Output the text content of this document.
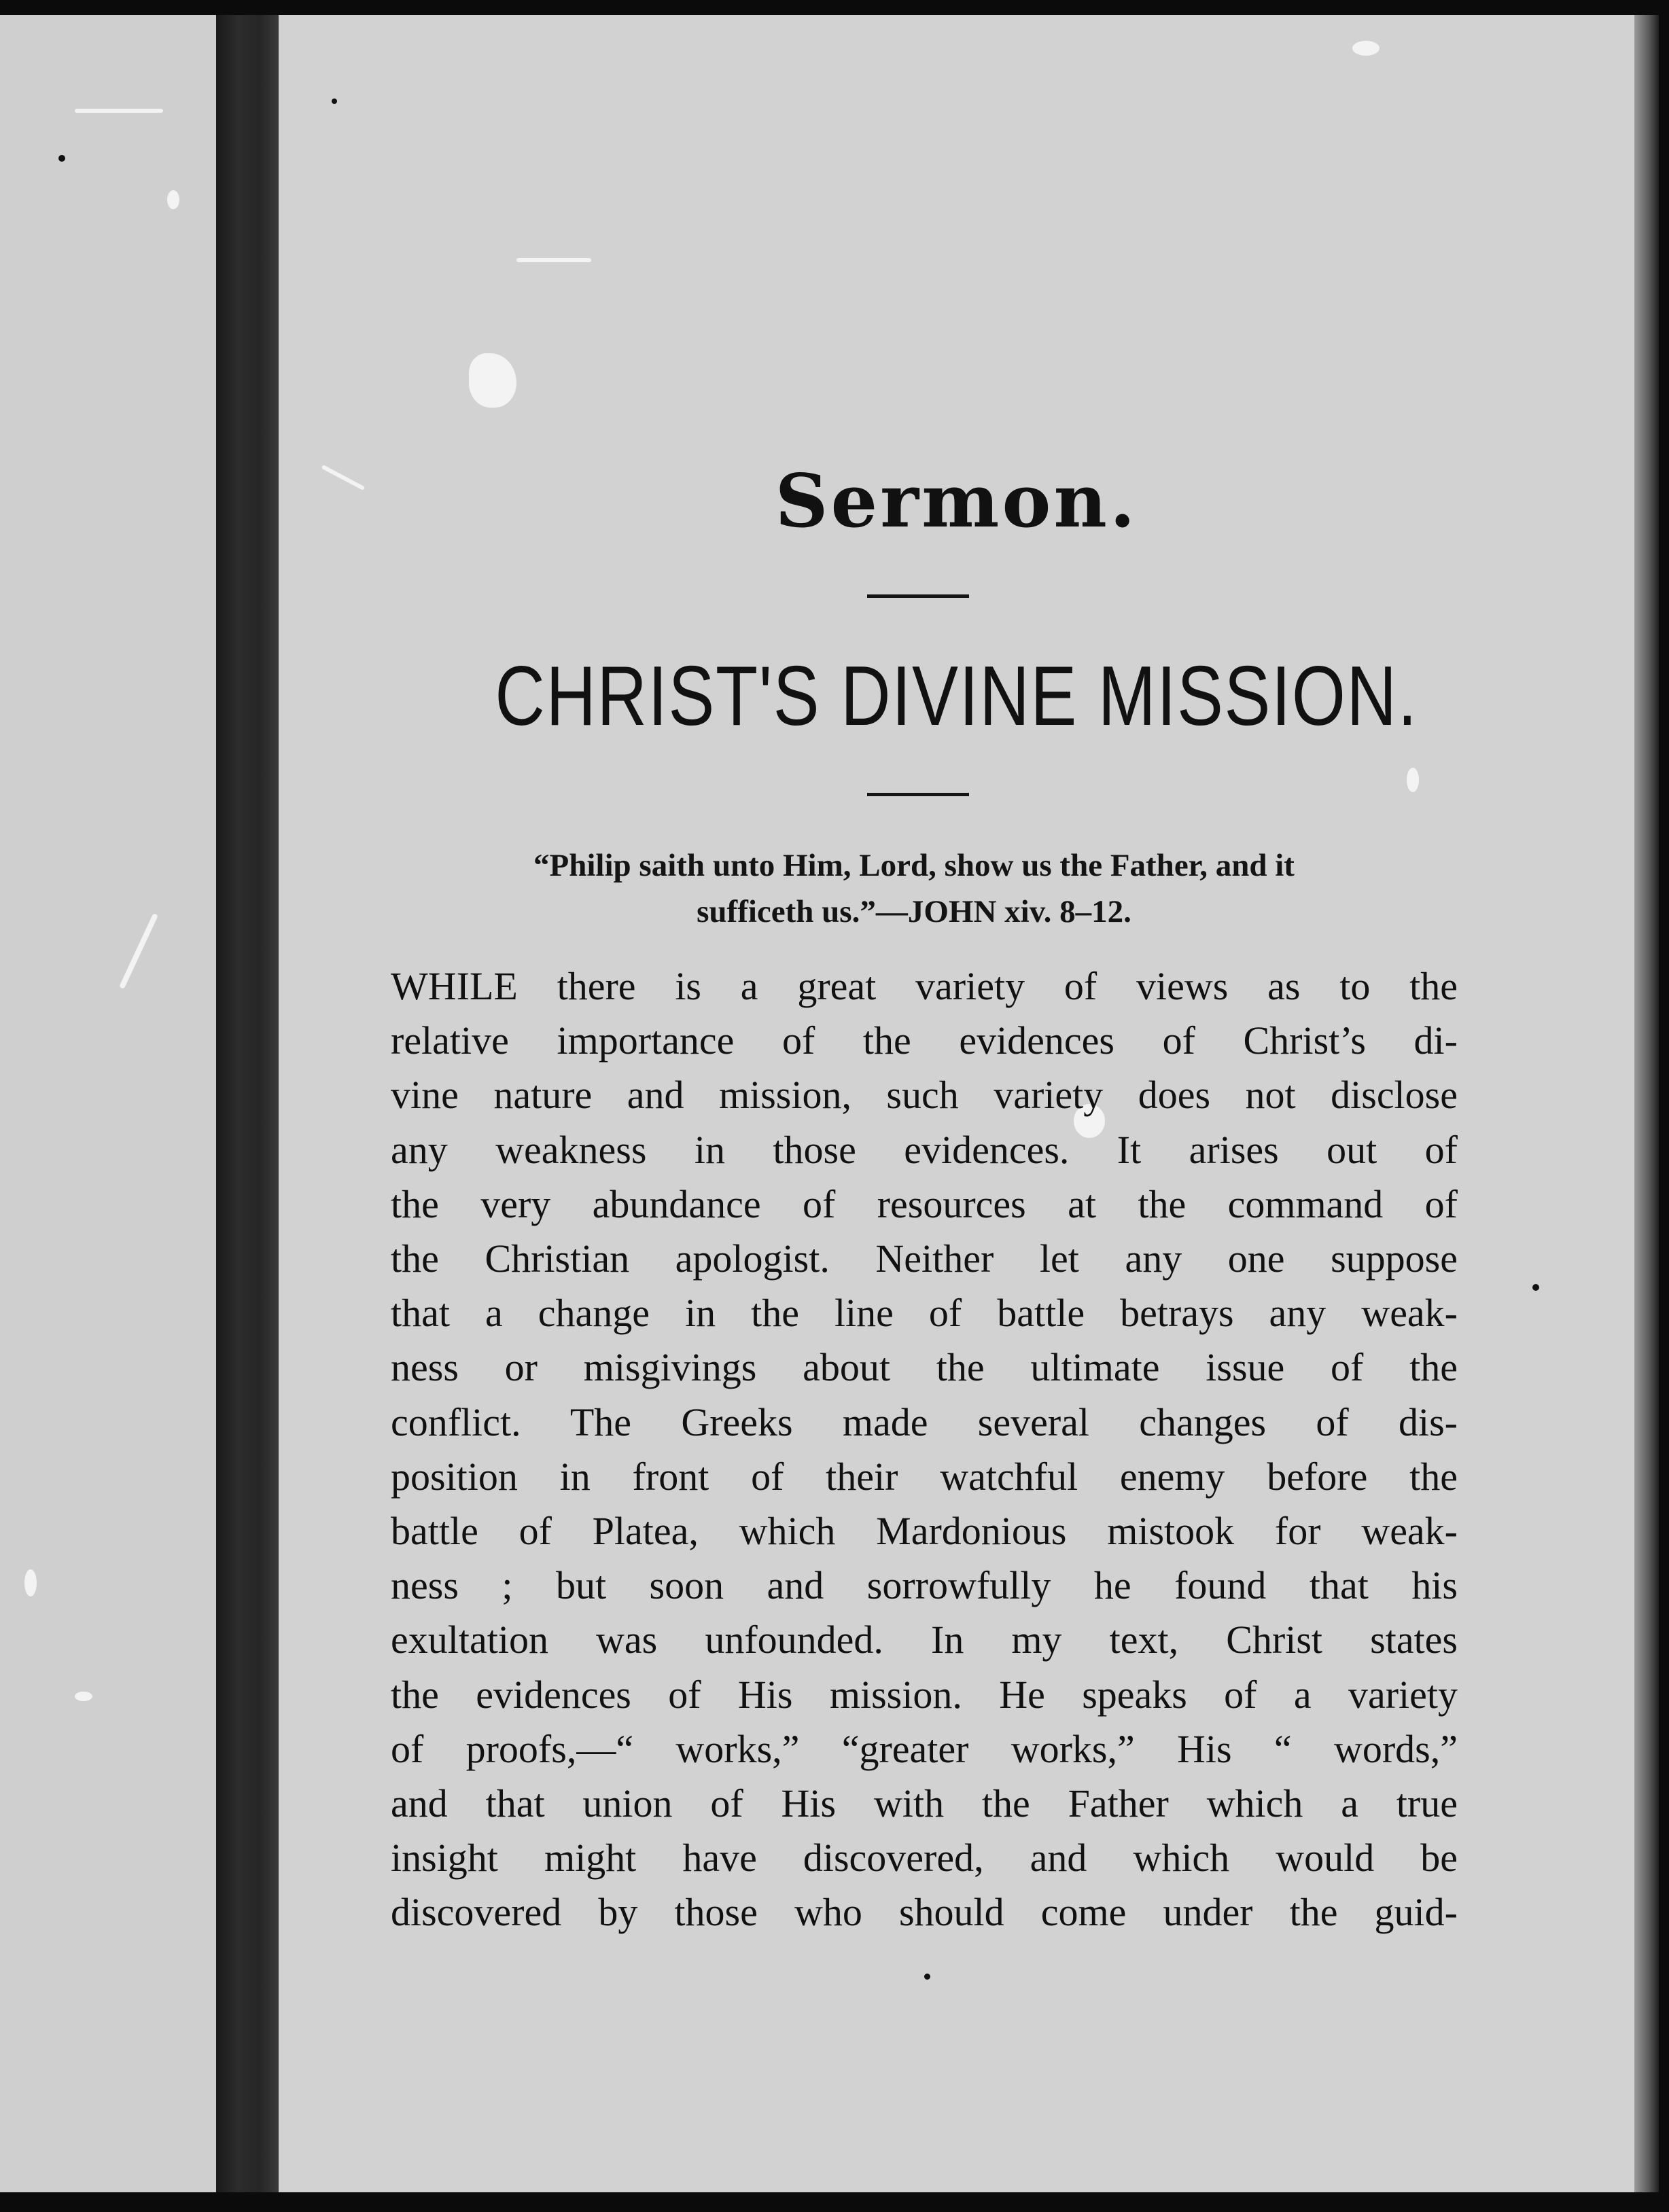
Sermon.
CHRIST'S DIVINE MISSION.

“Philip saith unto Him, Lord, show us the Father, and it
sufficeth us.”—JOHN xiv. 8–12.

WHILE there is a great variety of views as to the
relative importance of the evidences of Christ’s di-
vine nature and mission, such variety does not disclose
any weakness in those evidences. It arises out of
the very abundance of resources at the command of
the Christian apologist. Neither let any one suppose
that a change in the line of battle betrays any weak-
ness or misgivings about the ultimate issue of the
conflict. The Greeks made several changes of dis-
position in front of their watchful enemy before the
battle of Platea, which Mardonious mistook for weak-
ness ; but soon and sorrowfully he found that his
exultation was unfounded. In my text, Christ states
the evidences of His mission. He speaks of a variety
of proofs,—“ works,” “greater works,” His “ words,”
and that union of His with the Father which a true
insight might have discovered, and which would be
discovered by those who should come under the guid-
